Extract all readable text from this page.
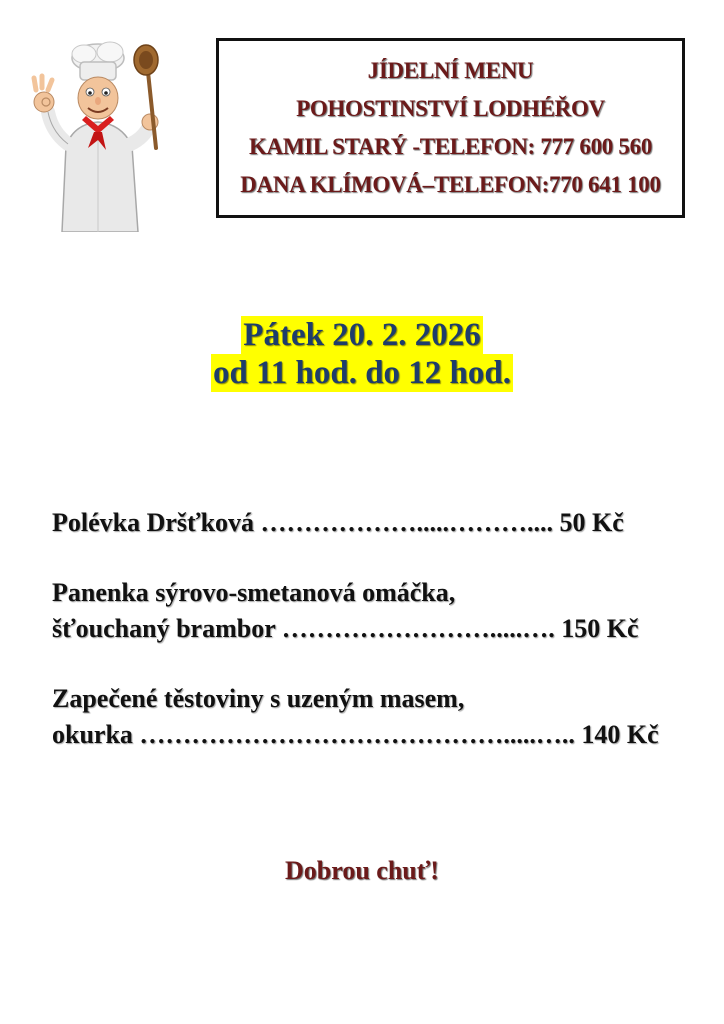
JÍDELNÍ MENU
POHOSTINSTVÍ LODHÉŘOV
KAMIL STARÝ -TELEFON: 777 600 560
DANA KLÍMOVÁ–TELEFON:770 641 100
Pátek 20. 2. 2026
od 11 hod. do 12 hod.
Polévka Dršťková ……………….....……….... 50 Kč
Panenka sýrovo-smetanová omáčka,
šťouchaný brambor …………………….....…. 150 Kč
Zapečené těstoviny s uzeným masem,
okurka …………………………………….....….. 140 Kč
Dobrou chuť!
